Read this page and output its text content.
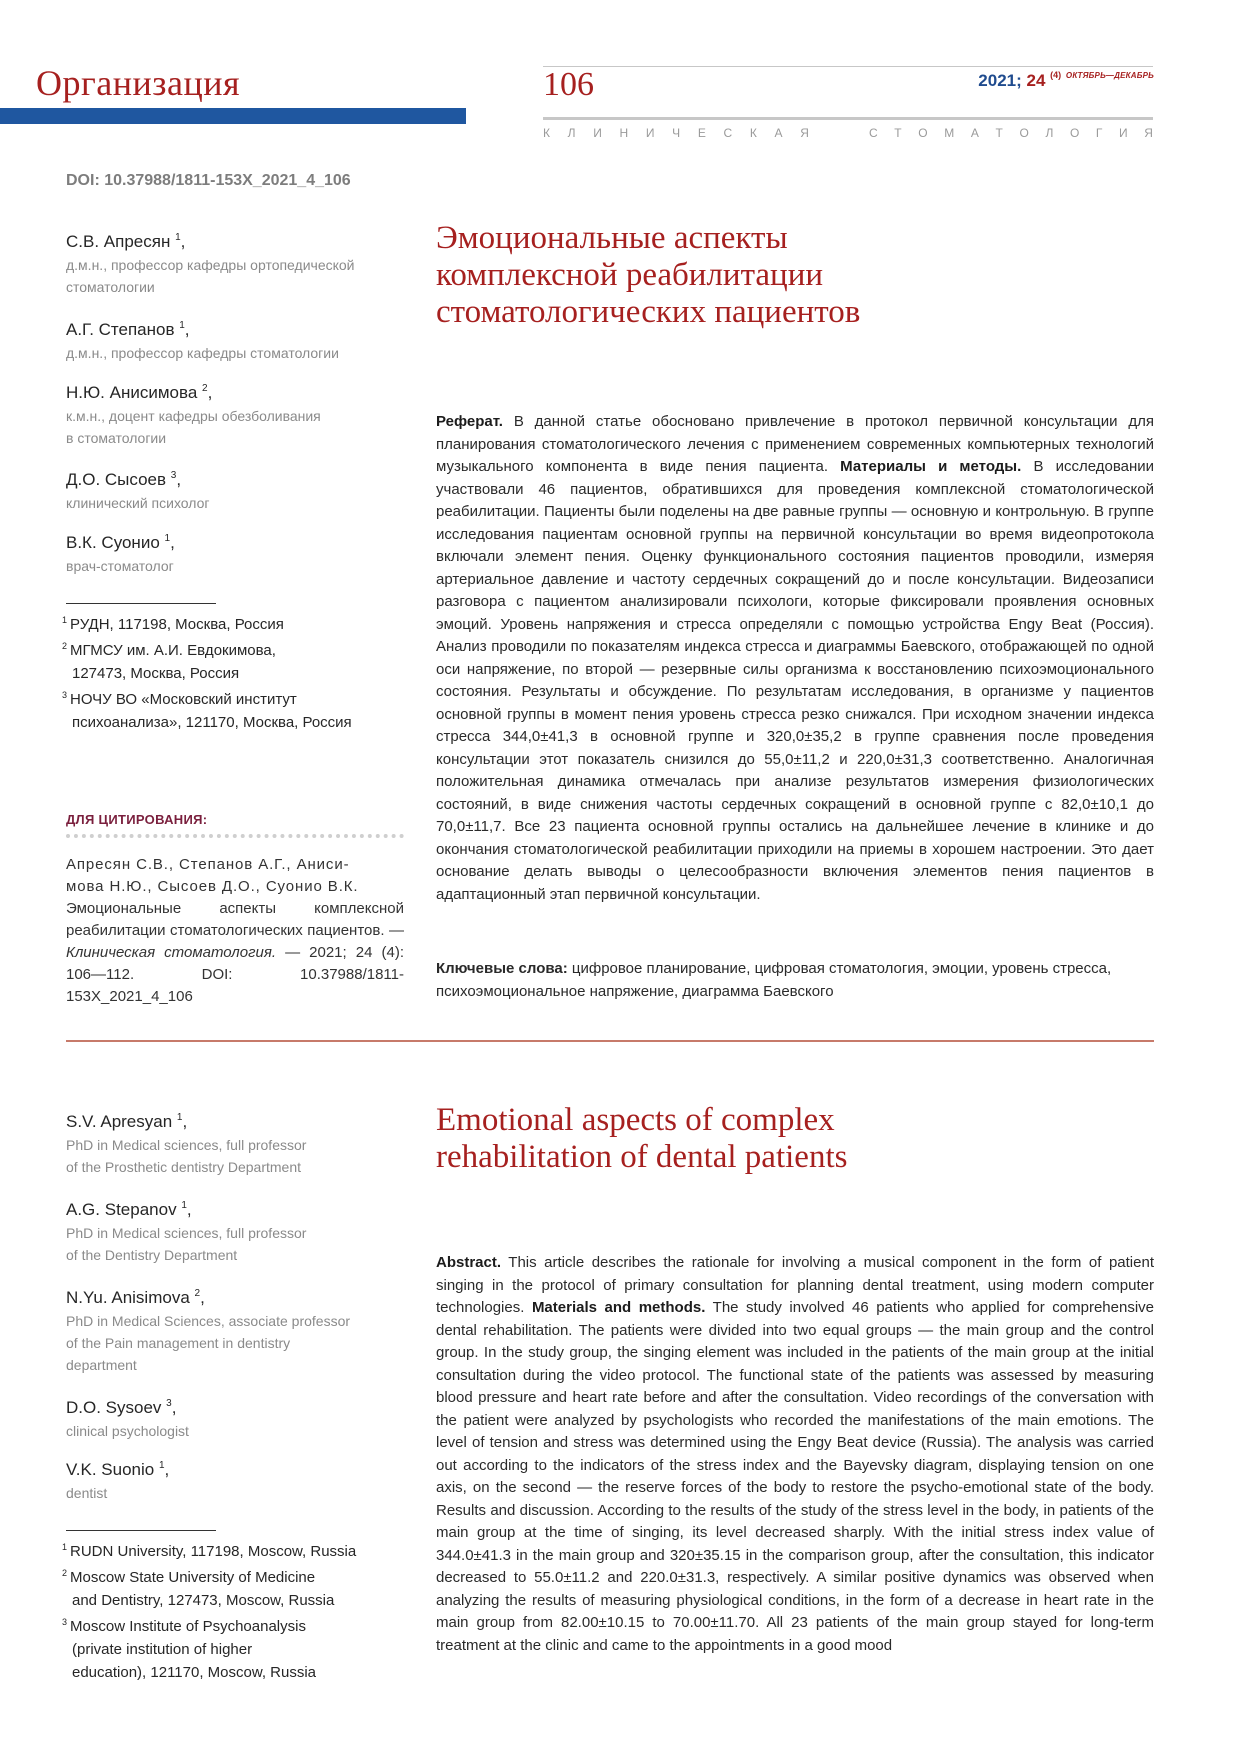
Организация	106	2021; 24 $^{(4)}$ $^{ОКТЯБРЬ—ДЕКАБРЬ}$
К Л И Н И Ч Е С К А Я	С Т О М А Т О Л О Г И Я
DOI: 10.37988/1811-153X_2021_4_106
С.В. Апресян $^1$,
д.м.н., профессор кафедры ортопедической
стоматологии
А.Г. Степанов $^1$,
д.м.н., профессор кафедры стоматологии
Н.Ю. Анисимова $^2$,
к.м.н., доцент кафедры обезболивания
в стоматологии
Д.О. Сысоев $^3$,
клинический психолог
В.К. Суонио $^1$,
врач-стоматолог
$^1$ РУДН, 117198, Москва, Россия
$^2$ МГМСУ им. А.И. Евдокимова,
127473, Москва, Россия
$^3$ НОЧУ ВО «Московский институт
психоанализа», 121170, Москва, Россия
ДЛЯ ЦИТИРОВАНИЯ:
Апресян С.В., Степанов А.Г., Аниси-
мова Н.Ю., Сысоев Д.О., Суонио В.К.
Эмоциональные аспекты комплексной реабилитации стоматологических пациентов. — Клиническая стоматология. — 2021; 24 (4): 106—112. DOI: 10.37988/1811-153X_2021_4_106
Эмоциональные аспекты
комплексной реабилитации
стоматологических пациентов
Реферат. В данной статье обосновано привлечение в протокол первичной консультации для планирования стоматологического лечения с применением современных компьютерных технологий музыкального компонента в виде пения пациента. Материалы и методы. В исследовании участвовали 46 пациентов, обратившихся для проведения комплексной стоматологической реабилитации. Пациенты были поделены на две равные группы — основную и контрольную. В группе исследования пациентам основной группы на первичной консультации во время видеопротокола включали элемент пения. Оценку функционального состояния пациентов проводили, измеряя артериальное давление и частоту сердечных сокращений до и после консультации. Видеозаписи разговора с пациентом анализировали психологи, которые фиксировали проявления основных эмоций. Уровень напряжения и стресса определяли с помощью устройства Engy Beat (Россия). Анализ проводили по показателям индекса стресса и диаграммы Баевского, отображающей по одной оси напряжение, по второй — резервные силы организма к восстановлению психоэмоционального состояния. Результаты и обсуждение. По результатам исследования, в организме у пациентов основной группы в момент пения уровень стресса резко снижался. При исходном значении индекса стресса 344,0±41,3 в основной группе и 320,0±35,2 в группе сравнения после проведения консультации этот показатель снизился до 55,0±11,2 и 220,0±31,3 соответственно. Аналогичная положительная динамика отмечалась при анализе результатов измерения физиологических состояний, в виде снижения частоты сердечных сокращений в основной группе с 82,0±10,1 до 70,0±11,7. Все 23 пациента основной группы остались на дальнейшее лечение в клинике и до окончания стоматологической реабилитации приходили на приемы в хорошем настроении. Это дает основание делать выводы о целесообразности включения элементов пения пациентов в адаптационный этап первичной консультации.
Ключевые слова: цифровое планирование, цифровая стоматология, эмоции, уровень стресса, психоэмоциональное напряжение, диаграмма Баевского
S.V. Apresyan $^1$,
PhD in Medical sciences, full professor
of the Prosthetic dentistry Department
A.G. Stepanov $^1$,
PhD in Medical sciences, full professor
of the Dentistry Department
N.Yu. Anisimova $^2$,
PhD in Medical Sciences, associate professor
of the Pain management in dentistry
department
D.O. Sysoev $^3$,
clinical psychologist
V.K. Suonio $^1$,
dentist
$^1$ RUDN University, 117198, Moscow, Russia
$^2$ Moscow State University of Medicine
and Dentistry, 127473, Moscow, Russia
$^3$ Moscow Institute of Psychoanalysis
(private institution of higher
education), 121170, Moscow, Russia
Emotional aspects of complex
rehabilitation of dental patients
Abstract. This article describes the rationale for involving a musical component in the form of patient singing in the protocol of primary consultation for planning dental treatment, using modern computer technologies. Materials and methods. The study involved 46 patients who applied for comprehensive dental rehabilitation. The patients were divided into two equal groups — the main group and the control group. In the study group, the singing element was included in the patients of the main group at the initial consultation during the video protocol. The functional state of the patients was assessed by measuring blood pressure and heart rate before and after the consultation. Video recordings of the conversation with the patient were analyzed by psychologists who recorded the manifestations of the main emotions. The level of tension and stress was determined using the Engy Beat device (Russia). The analysis was carried out according to the indicators of the stress index and the Bayevsky diagram, displaying tension on one axis, on the second — the reserve forces of the body to restore the psycho-emotional state of the body. Results and discussion. According to the results of the study of the stress level in the body, in patients of the main group at the time of singing, its level decreased sharply. With the initial stress index value of 344.0±41.3 in the main group and 320±35.15 in the comparison group, after the consultation, this indicator decreased to 55.0±11.2 and 220.0±31.3, respectively. A similar positive dynamics was observed when analyzing the results of measuring physiological conditions, in the form of a decrease in heart rate in the main group from 82.00±10.15 to 70.00±11.70. All 23 patients of the main group stayed for long-term treatment at the clinic and came to the appointments in a good mood
